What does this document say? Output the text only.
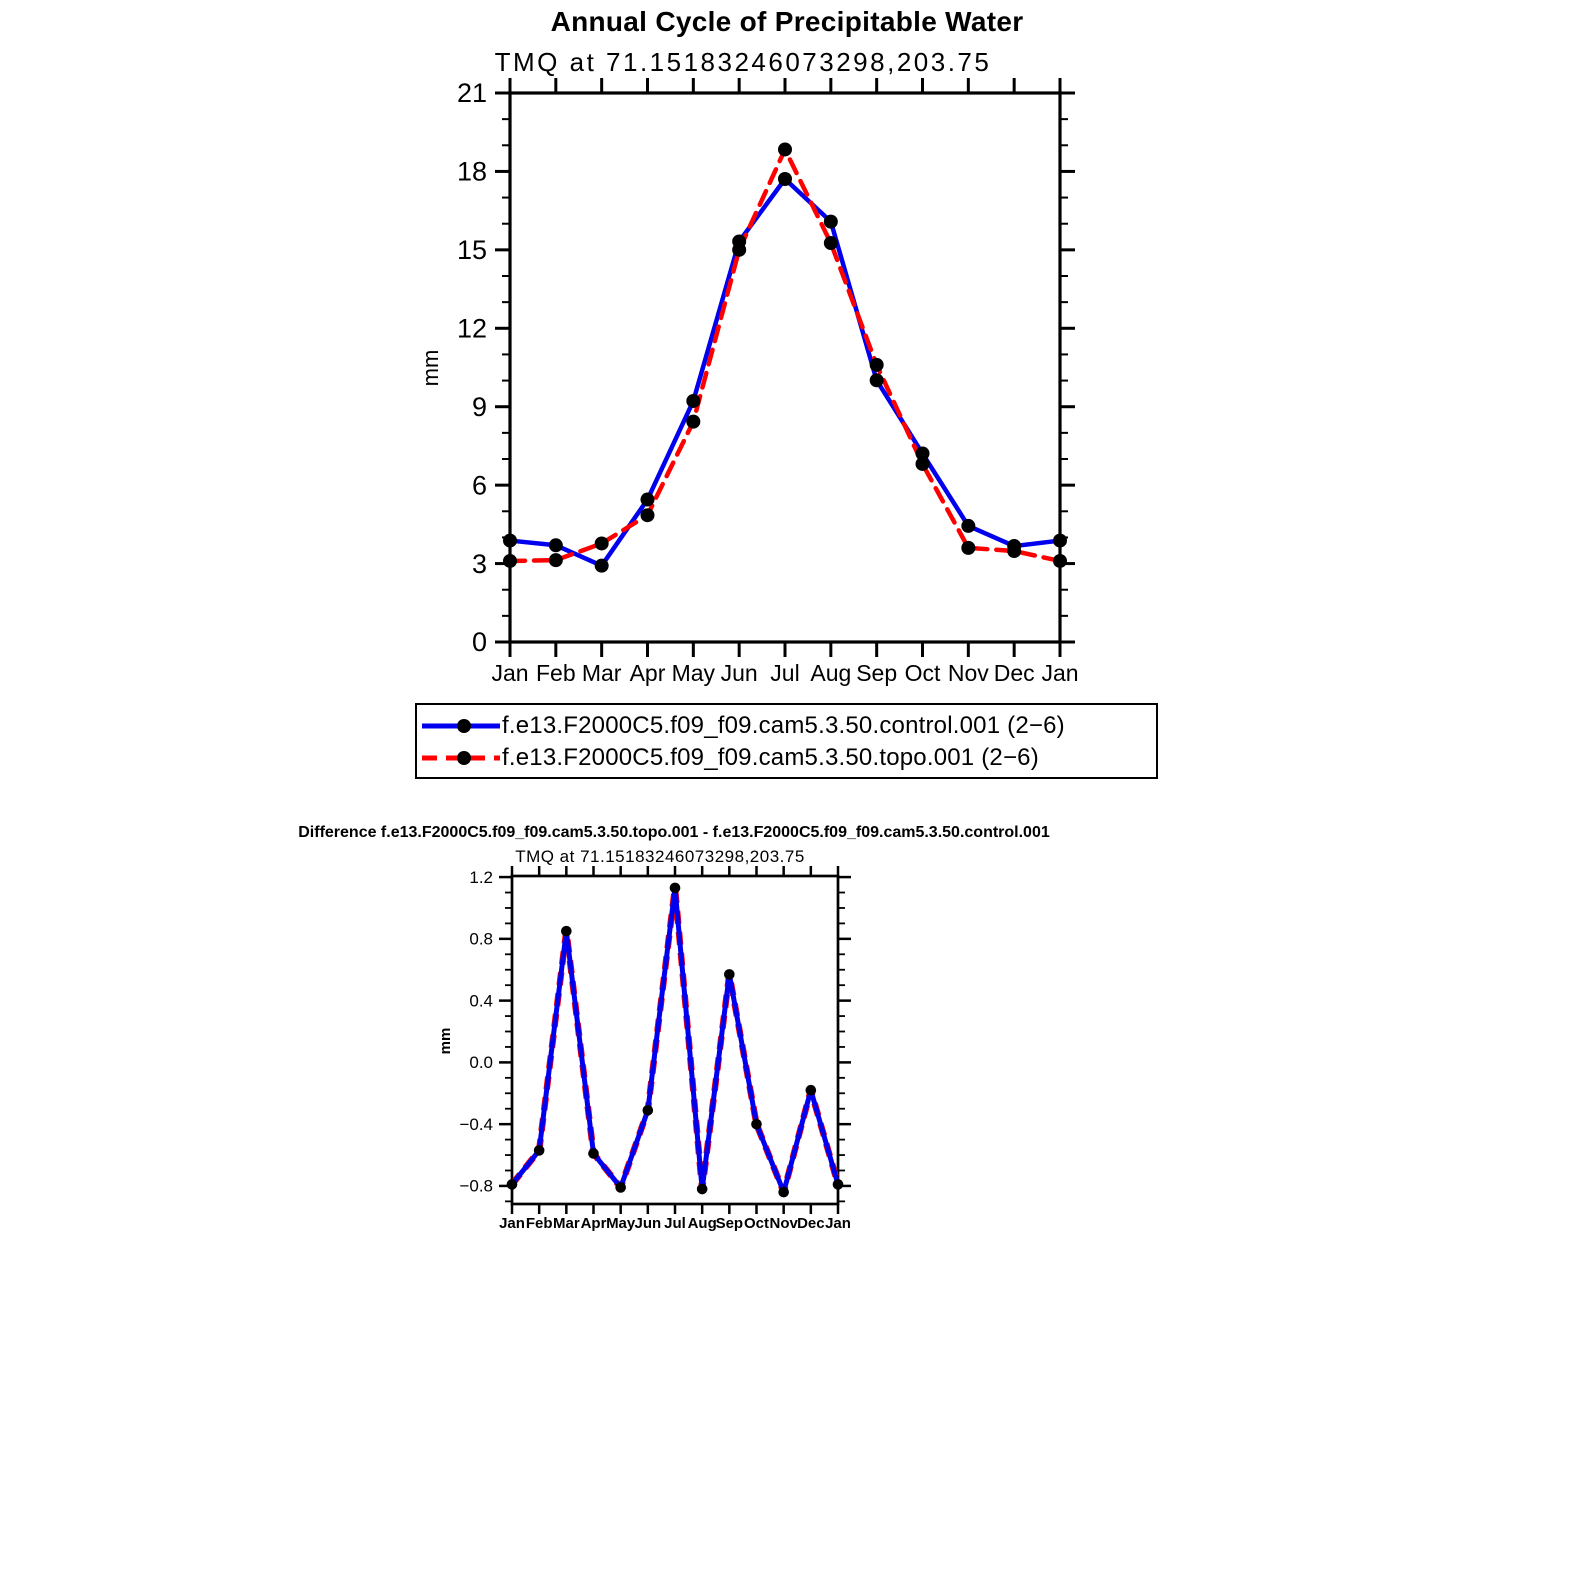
Annual Cycle of Precipitable Water
TMQ at 71.15183246073298,203.75
0
3
6
9
12
15
18
21
Jan Feb Mar Apr May Jun Jul Aug Sep Oct Nov Dec Jan
mm
−0.8
−0.4
0.0
0.4
0.8
1.2
Jan Feb Mar Apr May Jun Jul Aug
Sep Oct Nov Dec Jan
mm
f.e13.F2000C5.f09_f09.cam5.3.50.control.001 (2−6)
f.e13.F2000C5.f09_f09.cam5.3.50.topo.001 (2−6)
Difference f.e13.F2000C5.f09_f09.cam5.3.50.topo.001 - f.e13.F2000C5.f09_f09.cam5.3.50.control.001
TMQ at 71.15183246073298,203.75
